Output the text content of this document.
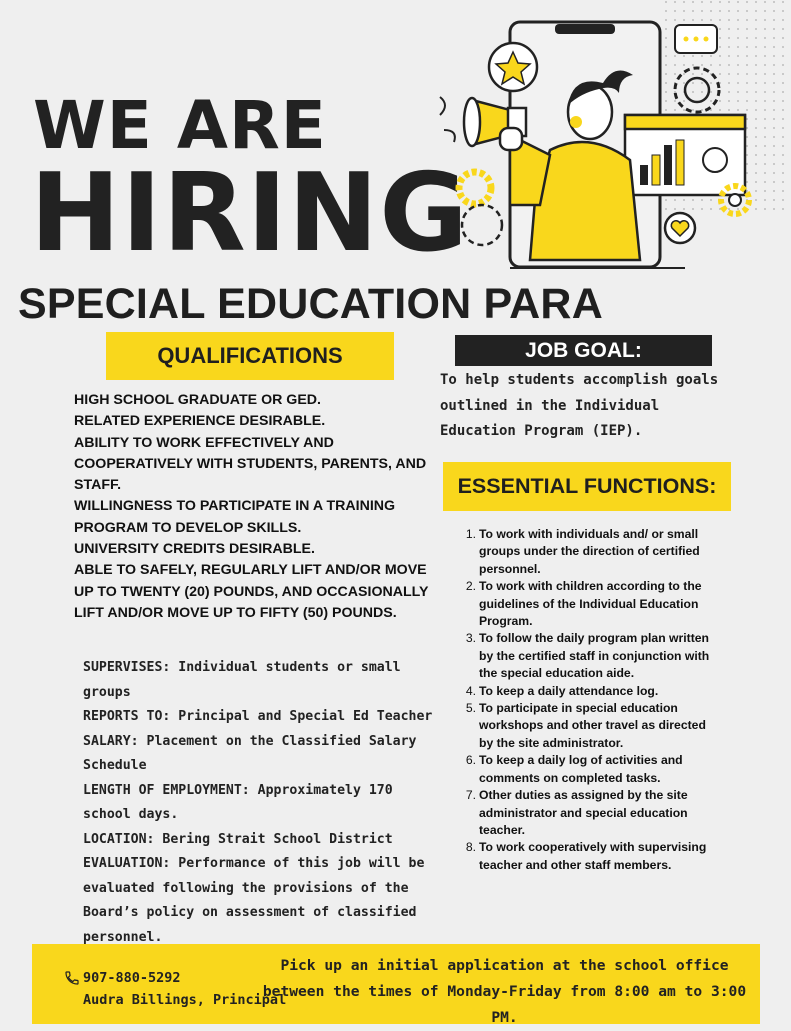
WE ARE
HIRING
SPECIAL EDUCATION PARA
QUALIFICATIONS
HIGH SCHOOL GRADUATE OR GED.
RELATED EXPERIENCE DESIRABLE.
ABILITY TO WORK EFFECTIVELY AND COOPERATIVELY WITH STUDENTS, PARENTS, AND STAFF.
WILLINGNESS TO PARTICIPATE IN A TRAINING PROGRAM TO DEVELOP SKILLS.
UNIVERSITY CREDITS DESIRABLE.
ABLE TO SAFELY, REGULARLY LIFT AND/OR MOVE UP TO TWENTY (20) POUNDS, AND OCCASIONALLY LIFT AND/OR MOVE UP TO FIFTY (50) POUNDS.

SUPERVISES: Individual students or small groups

REPORTS TO: Principal and Special Ed Teacher

SALARY: Placement on the Classified Salary Schedule

LENGTH OF EMPLOYMENT: Approximately 170 school days.

LOCATION: Bering Strait School District

EVALUATION: Performance of this job will be evaluated following the provisions of the Board’s policy on assessment of classified personnel.

JOB GOAL:
To help students accomplish goals outlined in the Individual Education Program (IEP).
ESSENTIAL FUNCTIONS:
1. To work with individuals and/ or small groups under the direction of certified personnel.
2. To work with children according to the guidelines of the Individual Education Program.
3. To follow the daily program plan written by the certified staff in conjunction with the special education aide.
4. To keep a daily attendance log.
5. To participate in special education workshops and other travel as directed by the site administrator.
6. To keep a daily log of activities and comments on completed tasks.
7. Other duties as assigned by the site administrator and special education teacher.
8. To work cooperatively with supervising teacher and other staff members.
907-880-5292
Audra Billings, Principal
Pick up an initial application at the school office between the times of Monday-Friday from 8:00 am to 3:00 PM.
